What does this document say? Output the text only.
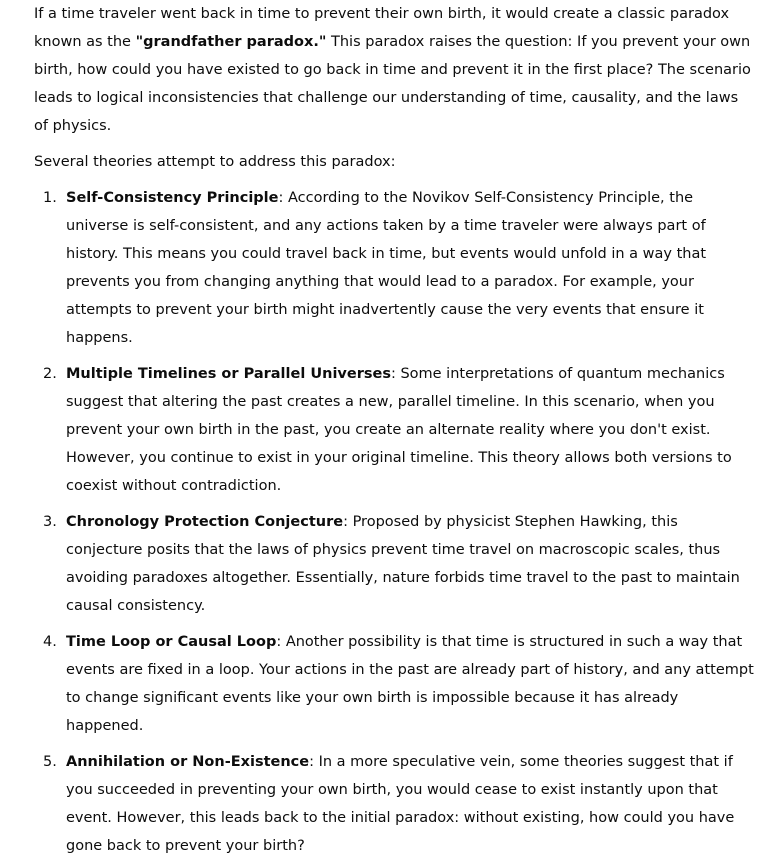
If a time traveler went back in time to prevent their own birth, it would create a classic paradox known as the "grandfather paradox." This paradox raises the question: If you prevent your own birth, how could you have existed to go back in time and prevent it in the first place? The scenario leads to logical inconsistencies that challenge our understanding of time, causality, and the laws of physics.

Several theories attempt to address this paradox:

1. Self-Consistency Principle: According to the Novikov Self-Consistency Principle, the universe is self-consistent, and any actions taken by a time traveler were always part of history. This means you could travel back in time, but events would unfold in a way that prevents you from changing anything that would lead to a paradox. For example, your attempts to prevent your birth might inadvertently cause the very events that ensure it happens.
2. Multiple Timelines or Parallel Universes: Some interpretations of quantum mechanics suggest that altering the past creates a new, parallel timeline. In this scenario, when you prevent your own birth in the past, you create an alternate reality where you don't exist. However, you continue to exist in your original timeline. This theory allows both versions to coexist without contradiction.
3. Chronology Protection Conjecture: Proposed by physicist Stephen Hawking, this conjecture posits that the laws of physics prevent time travel on macroscopic scales, thus avoiding paradoxes altogether. Essentially, nature forbids time travel to the past to maintain causal consistency.
4. Time Loop or Causal Loop: Another possibility is that time is structured in such a way that events are fixed in a loop. Your actions in the past are already part of history, and any attempt to change significant events like your own birth is impossible because it has already happened.
5. Annihilation or Non-Existence: In a more speculative vein, some theories suggest that if you succeeded in preventing your own birth, you would cease to exist instantly upon that event. However, this leads back to the initial paradox: without existing, how could you have gone back to prevent your birth?
